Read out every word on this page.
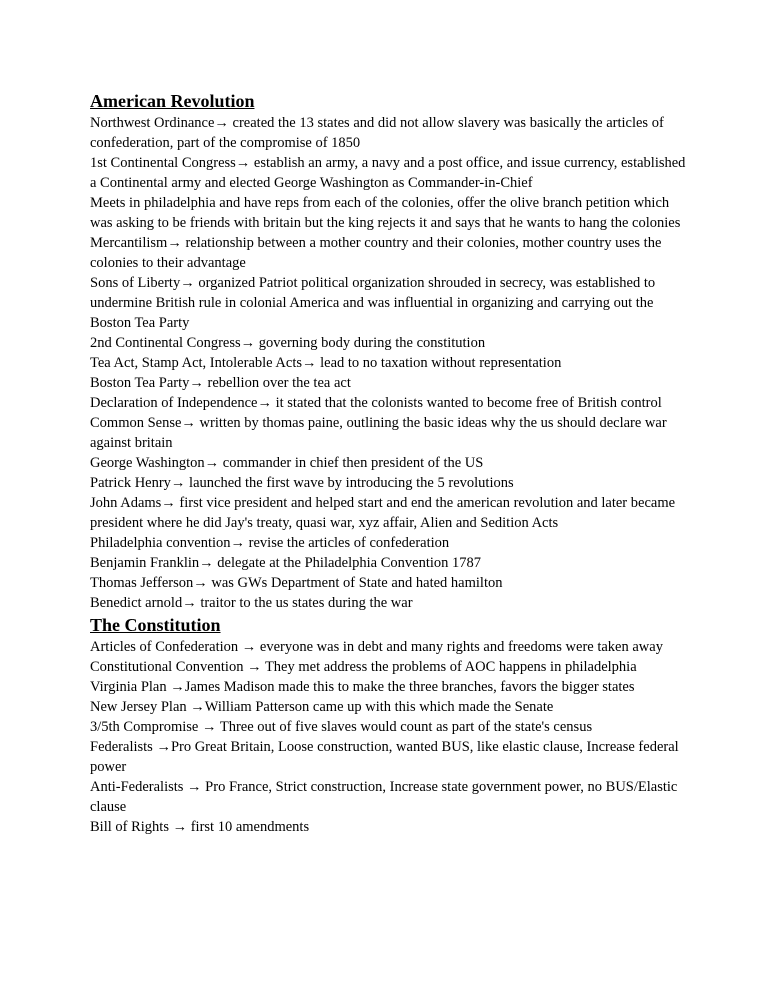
American Revolution

Northwest Ordinance→ created the 13 states and did not allow slavery was basically the articles of confederation, part of the compromise of 1850

1st Continental Congress→ establish an army, a navy and a post office, and issue currency, established a Continental army and elected George Washington as Commander-in-Chief

Meets in philadelphia and have reps from each of the colonies, offer the olive branch petition which was asking to be friends with britain but the king rejects it and says that he wants to hang the colonies

Mercantilism→ relationship between a mother country and their colonies, mother country uses the colonies to their advantage

Sons of Liberty→ organized Patriot political organization shrouded in secrecy, was established to undermine British rule in colonial America and was influential in organizing and carrying out the Boston Tea Party

2nd Continental Congress→ governing body during the constitution

Tea Act, Stamp Act, Intolerable Acts→ lead to no taxation without representation

Boston Tea Party→ rebellion over the tea act

Declaration of Independence→ it stated that the colonists wanted to become free of British control

Common Sense→ written by thomas paine, outlining the basic ideas why the us should declare war against britain

George Washington→ commander in chief then president of the US

Patrick Henry→ launched the first wave by introducing the 5 revolutions

John Adams→ first vice president and helped start and end the american revolution and later became president where he did Jay's treaty, quasi war, xyz affair, Alien and Sedition Acts

Philadelphia convention→ revise the articles of confederation

Benjamin Franklin→ delegate at the Philadelphia Convention 1787

Thomas Jefferson→ was GWs Department of State and hated hamilton

Benedict arnold→ traitor to the us states during the war

The Constitution

Articles of Confederation → everyone was in debt and many rights and freedoms were taken away

Constitutional Convention → They met address the problems of AOC happens in philadelphia

Virginia Plan →James Madison made this to make the three branches, favors the bigger states

New Jersey Plan →William Patterson came up with this which made the Senate

3/5th Compromise → Three out of five slaves would count as part of the state's census

Federalists →Pro Great Britain, Loose construction, wanted BUS, like elastic clause, Increase federal power

Anti-Federalists → Pro France, Strict construction, Increase state government power, no BUS/Elastic clause

Bill of Rights → first 10 amendments
